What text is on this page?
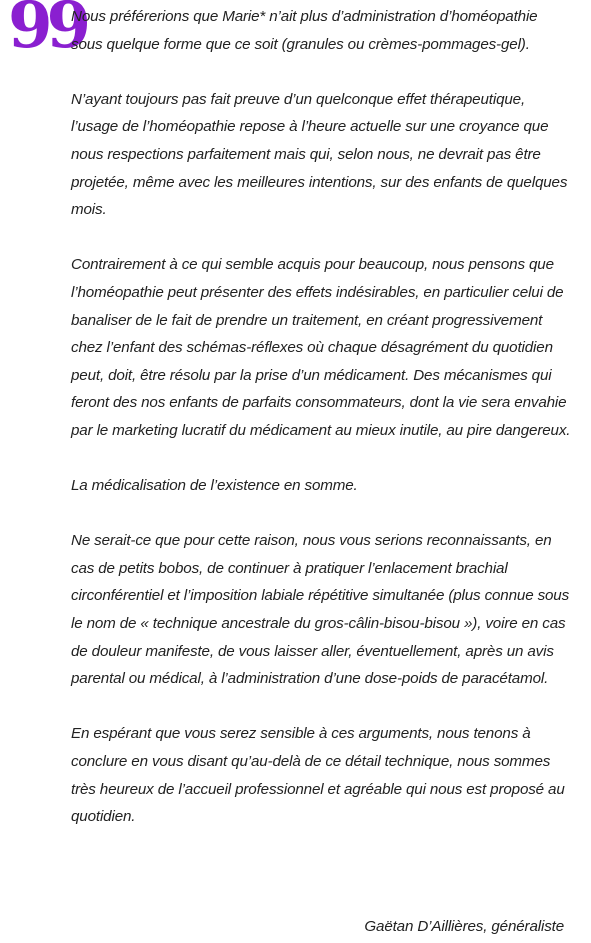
99

Nous préférerions que Marie* n’ait plus d’administration d’homéopathie sous quelque forme que ce soit (granules ou crèmes-pommages-gel).

N’ayant toujours pas fait preuve d’un quelconque effet thérapeutique, l’usage de l’homéopathie repose à l’heure actuelle sur une croyance que nous respections parfaitement mais qui, selon nous, ne devrait pas être projetée, même avec les meilleures intentions, sur des enfants de quelques mois.

Contrairement à ce qui semble acquis pour beaucoup, nous pensons que l’homéopathie peut présenter des effets indésirables, en particulier celui de banaliser de le fait de prendre un traitement, en créant progressivement chez l’enfant des schémas-réflexes où chaque désagrément du quotidien peut, doit, être résolu par la prise d’un médicament. Des mécanismes qui feront des nos enfants de parfaits consommateurs, dont la vie sera envahie par le marketing lucratif du médicament au mieux inutile, au pire dangereux.

La médicalisation de l’existence en somme.

Ne serait-ce que pour cette raison, nous vous serions reconnaissants, en cas de petits bobos, de continuer à pratiquer l’enlacement brachial circonférentiel et l’imposition labiale répétitive simultanée (plus connue sous le nom de « technique ancestrale du gros-câlin-bisou-bisou »), voire en cas de douleur manifeste, de vous laisser aller, éventuellement, après un avis parental ou médical, à l’administration d’une dose-poids de paracétamol.

En espérant que vous serez sensible à ces arguments, nous tenons à conclure en vous disant qu’au-delà de ce détail technique, nous sommes très heureux de l’accueil professionnel et agréable qui nous est proposé au quotidien.

Gaëtan D’Aillières, généraliste
